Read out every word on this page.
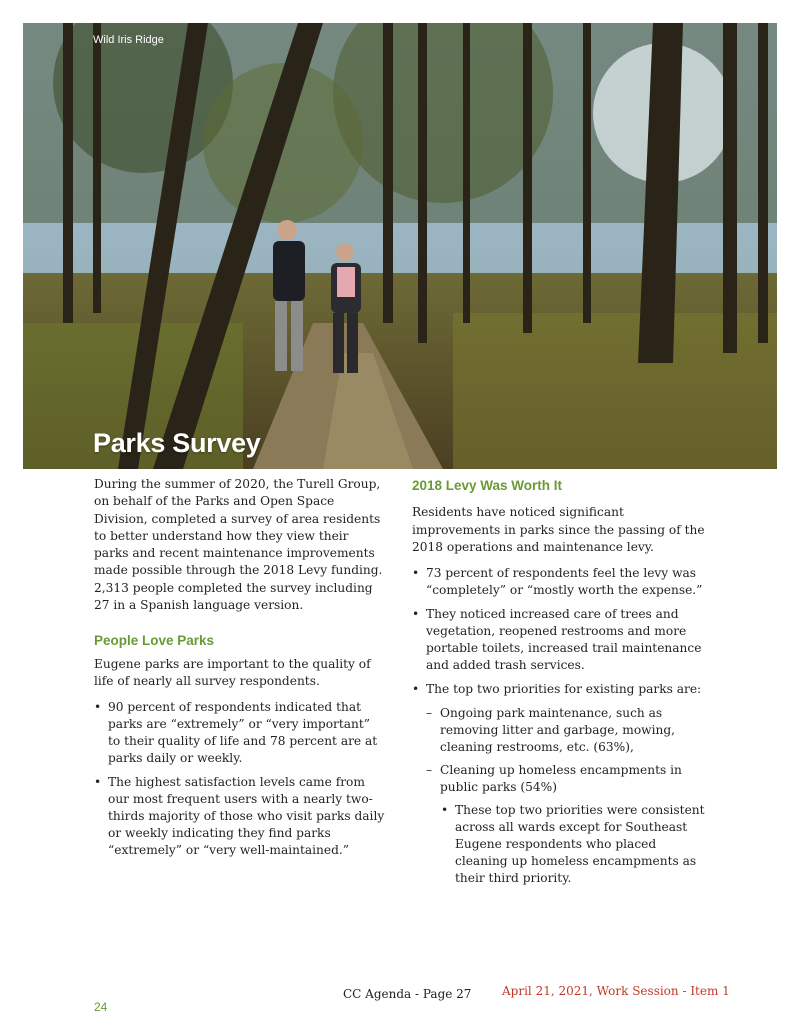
Wild Iris Ridge
Parks Survey

During the summer of 2020, the Turell Group, on behalf of the Parks and Open Space Division, completed a survey of area residents to better understand how they view their parks and recent maintenance improvements made possible through the 2018 Levy funding. 2,313 people completed the survey including 27 in a Spanish language version.

People Love Parks

Eugene parks are important to the quality of life of nearly all survey respondents.

• 90 percent of respondents indicated that parks are “extremely” or “very important” to their quality of life and 78 percent are at parks daily or weekly.
• The highest satisfaction levels came from our most frequent users with a nearly two-thirds majority of those who visit parks daily or weekly indicating they find parks “extremely” or “very well-maintained.”
2018 Levy Was Worth It

Residents have noticed significant improvements in parks since the passing of the 2018 operations and maintenance levy.

• 73 percent of respondents feel the levy was “completely” or “mostly worth the expense.”
• They noticed increased care of trees and vegetation, reopened restrooms and more portable toilets, increased trail maintenance and added trash services.
• The top two priorities for existing parks are:
– Ongoing park maintenance, such as removing litter and garbage, mowing, cleaning restrooms, etc. (63%),
– Cleaning up homeless encampments in public parks (54%)
• These top two priorities were consistent across all wards except for Southeast Eugene respondents who placed cleaning up homeless encampments as their third priority.
CC Agenda - Page 27	April 21, 2021, Work Session - Item 1
24
